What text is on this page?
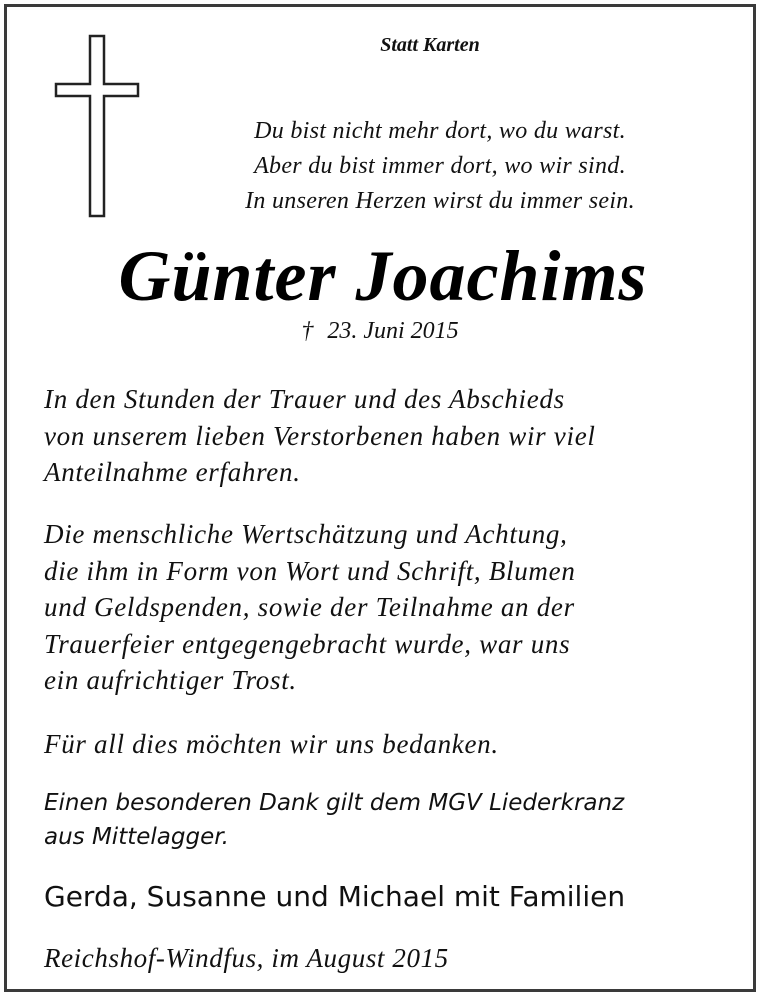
Statt Karten
Du bist nicht mehr dort, wo du warst.
Aber du bist immer dort, wo wir sind.
In unseren Herzen wirst du immer sein.
Günter Joachims
† 23. Juni 2015
In den Stunden der Trauer und des Abschieds
von unserem lieben Verstorbenen haben wir viel
Anteilnahme erfahren.
Die menschliche Wertschätzung und Achtung,
die ihm in Form von Wort und Schrift, Blumen
und Geldspenden, sowie der Teilnahme an der
Trauerfeier entgegengebracht wurde, war uns
ein aufrichtiger Trost.
Für all dies möchten wir uns bedanken.
Einen besonderen Dank gilt dem MGV Liederkranz
aus Mittelagger.
Gerda, Susanne und Michael mit Familien
Reichshof-Windfus, im August 2015
